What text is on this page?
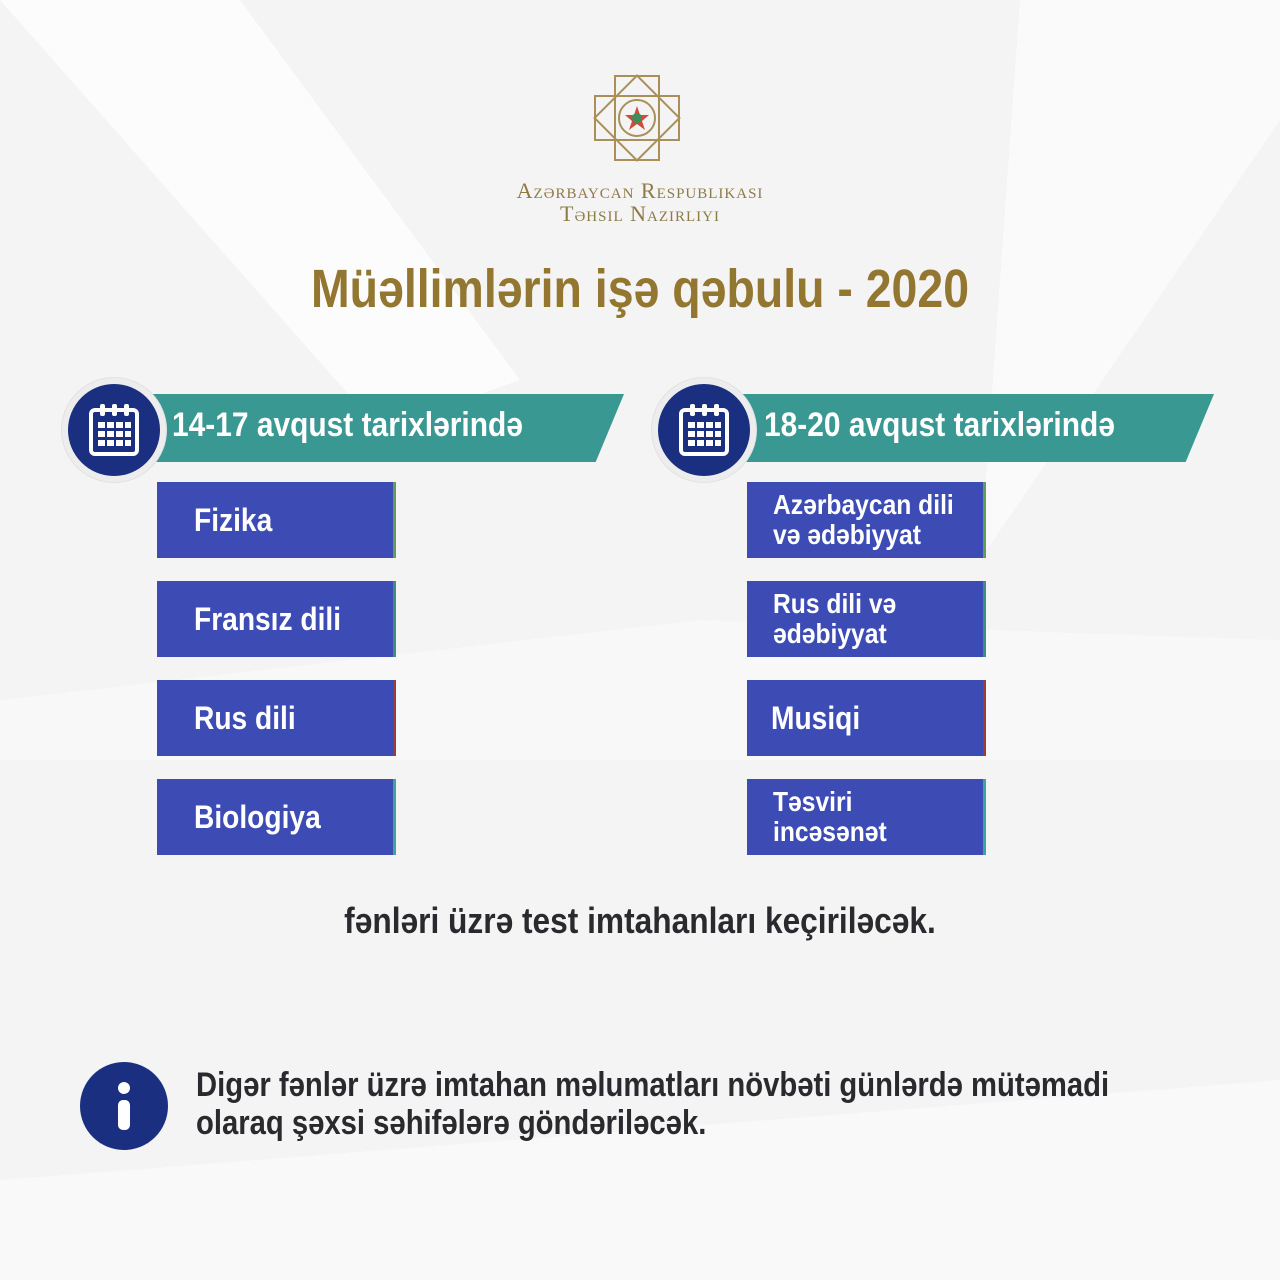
Azərbaycan Respublikası
Təhsil Nazirliyi
Müəllimlərin işə qəbulu - 2020
14-17 avqust tarixlərində
Fizika
Fransız dili
Rus dili
Biologiya
18-20 avqust tarixlərində
Azərbaycan dili
və ədəbiyyat
Rus dili və
ədəbiyyat
Musiqi
Təsviri
incəsənət
fənləri üzrə test imtahanları keçiriləcək.
Digər fənlər üzrə imtahan məlumatları növbəti günlərdə mütəmadi
olaraq şəxsi səhifələrə göndəriləcək.
